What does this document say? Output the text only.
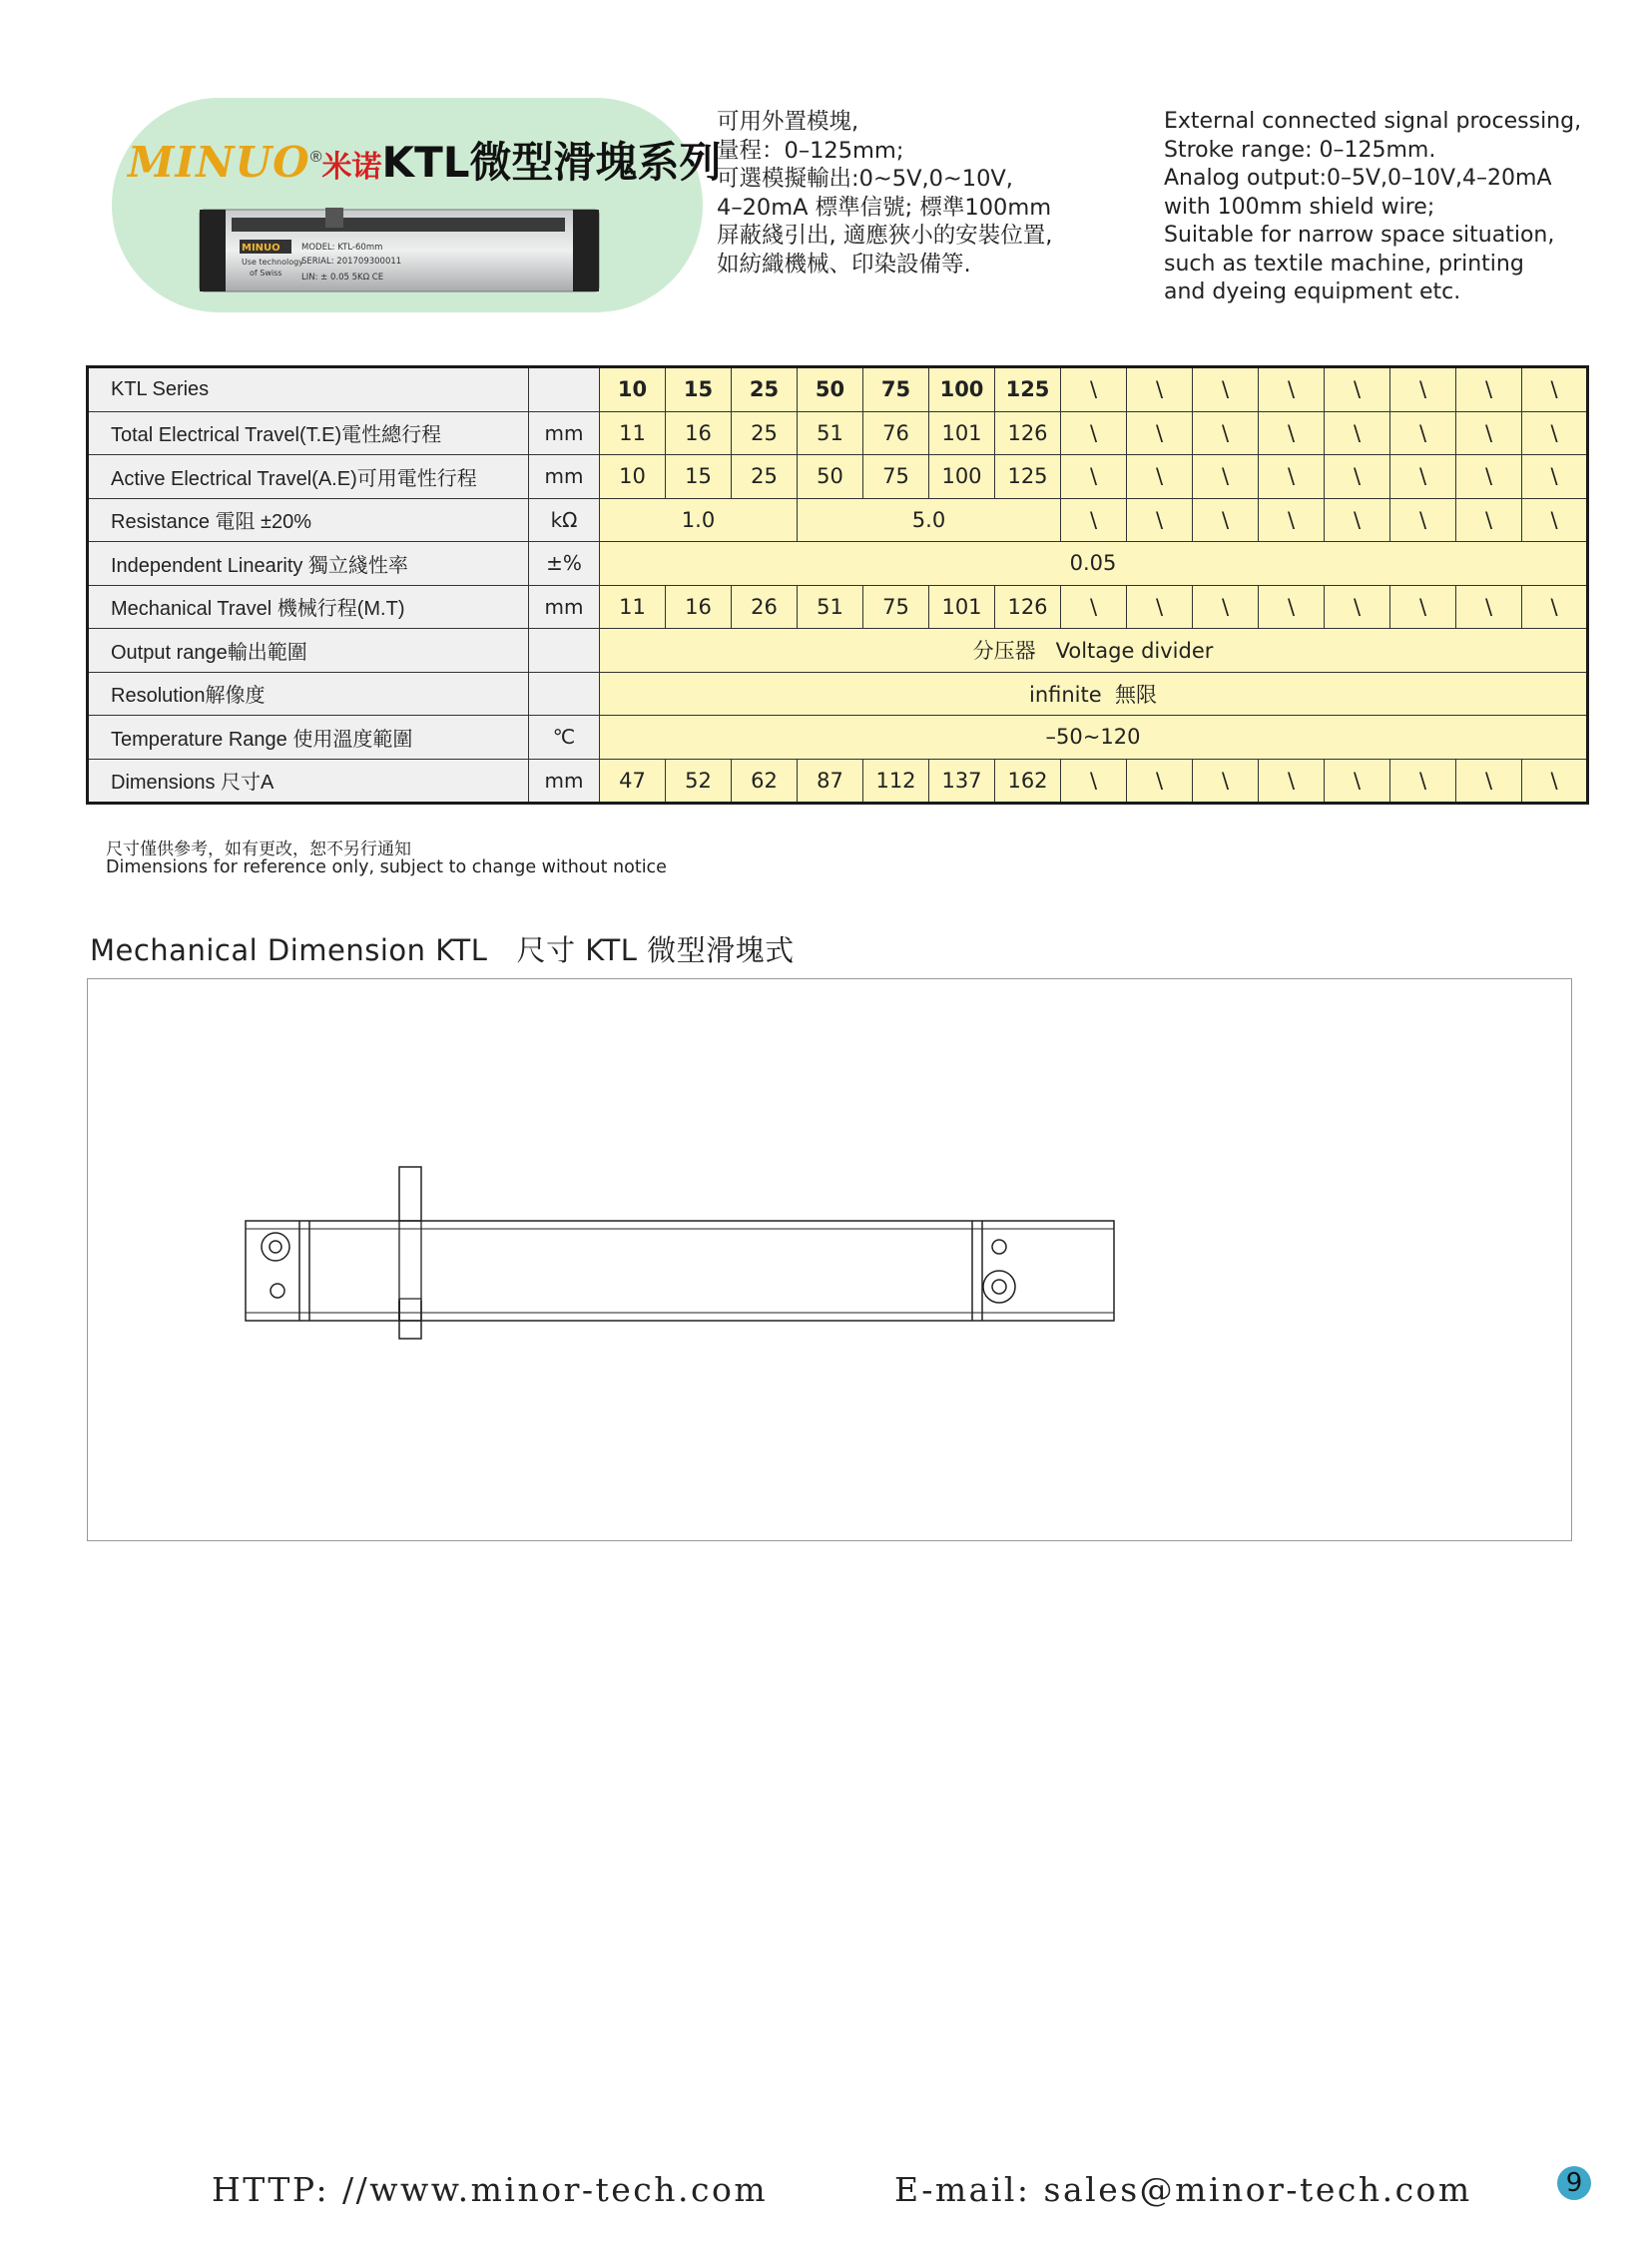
MINUO®米诺KTL微型滑塊系列
MINUO	MODEL: KTL-60mm
SERIAL: 201709300011
Use technology
of Swiss LIN: ± 0.05 5KΩ CE
可用外置模塊,
量程：0–125mm;
可選模擬輸出:0~5V,0~10V,
4–20mA 標準信號; 標準100mm
屏蔽綫引出, 適應狹小的安裝位置,
如紡織機械、印染設備等.
External connected signal processing,
Stroke range: 0–125mm.
Analog output:0–5V,0–10V,4–20mA
with 100mm shield wire;
Suitable for narrow space situation,
such as textile machine, printing
and dyeing equipment etc.
KTL Series		10	15	25	50	75	100	125	\	\	\	\	\	\	\	\
Total Electrical Travel(T.E)電性總行程	mm	11	16	25	51	76	101	126	\	\	\	\	\	\	\	\
Active Electrical Travel(A.E)可用電性行程	mm	10	15	25	50	75	100	125	\	\	\	\	\	\	\	\
Resistance 電阻 ±20%	kΩ	1.0			5.0				\	\	\	\	\	\	\	\
Independent Linearity 獨立綫性率	±%	0.05														
Mechanical Travel 機械行程(M.T)	mm	11	16	26	51	75	101	126	\	\	\	\	\	\	\	\
Output range輸出範圍		分压器   Voltage divider														
Resolution解像度		infinite  無限														
Temperature Range 使用溫度範圍	℃	–50~120														
Dimensions 尺寸A	mm	47	52	62	87	112	137	162	\	\	\	\	\	\	\	\
尺寸僅供參考，如有更改，恕不另行通知
Dimensions for reference only, subject to change without notice
Mechanical Dimension KTL   尺寸 KTL 微型滑塊式
HTTP: //www.minor-tech.com	E-mail: sales@minor-tech.com	9
